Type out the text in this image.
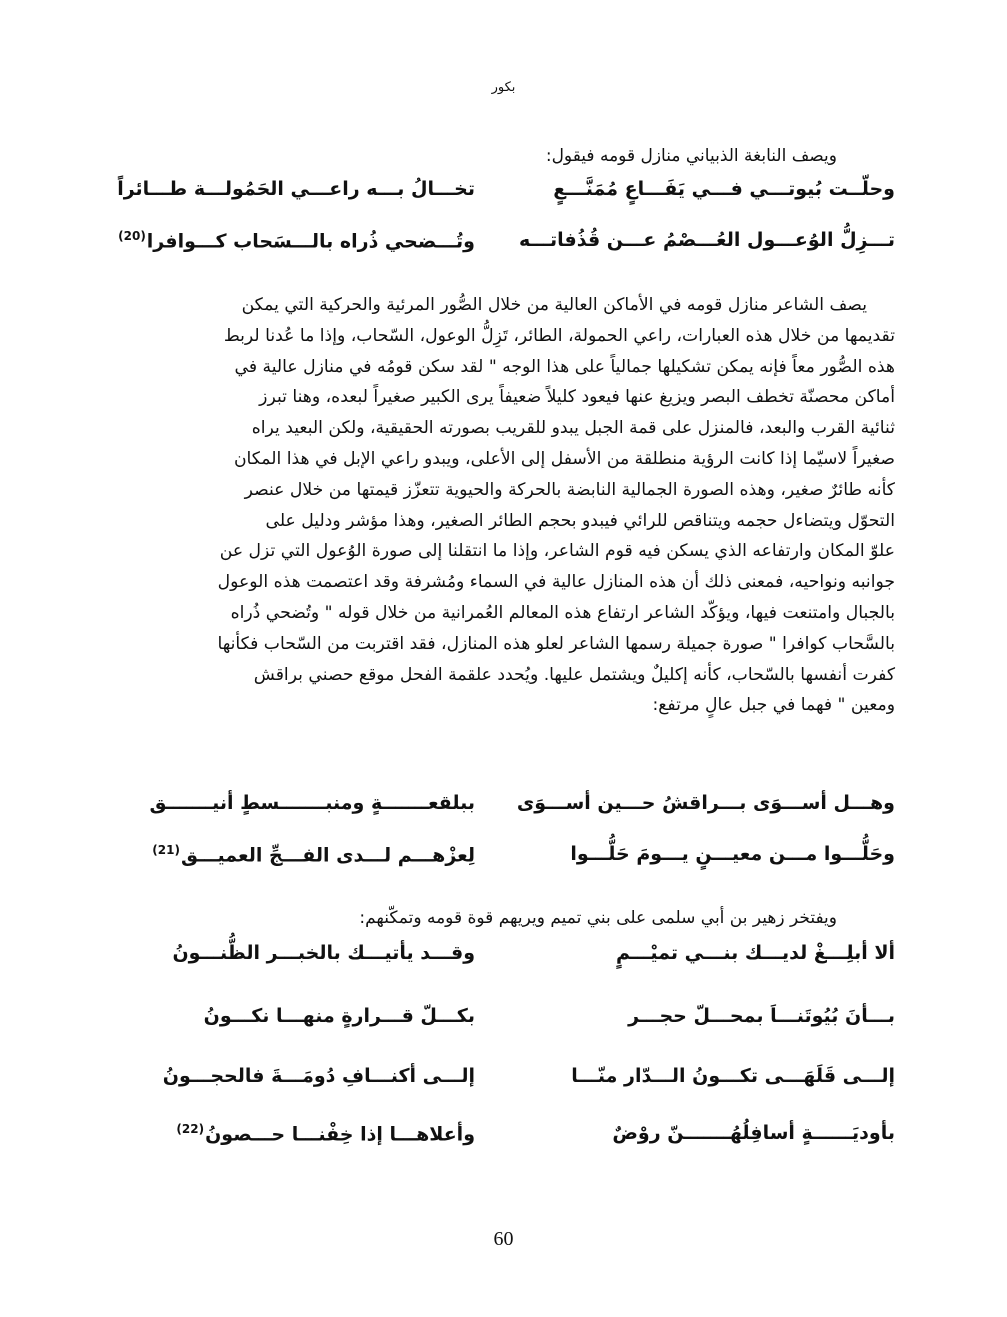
بكور
ويصف النابغة الذبياني منازل قومه فيقول:
وحلّــت بُيوتـــي فـــي يَفَـــاعٍ مُمَنَّـــعٍ
تخـــالُ بـــه راعـــي الحَمُولـــة طـــائراً
تـــزِلُّ الوُعـــول العُـــصْمُ عـــن قُذُفاتـــه
وتُـــضحي ذُراه بالـــسَحاب كـــوافرا$^{(20)}$
يصف الشاعر منازل قومه في الأماكن العالية من خلال الصُّور المرئية والحركية التي يمكن
تقديمها من خلال هذه العبارات، راعي الحمولة، الطائر، تَزِلُّ الوعول، السّحاب، وإذا ما عُدنا لربط
هذه الصُّور معاً فإنه يمكن تشكيلها جمالياً على هذا الوجه " لقد سكن قومُه في منازل عالية في
أماكن محصنّة تخطف البصر ويزيغ عنها فيعود كليلاً ضعيفاً يرى الكبير صغيراً لبعده، وهنا تبرز
ثنائية القرب والبعد، فالمنزل على قمة الجبل يبدو للقريب بصورته الحقيقية، ولكن البعيد يراه
صغيراً لاسيّما إذا كانت الرؤية منطلقة من الأسفل إلى الأعلى، ويبدو راعي الإبل في هذا المكان
كأنه طائرٌ صغير، وهذه الصورة الجمالية النابضة بالحركة والحيوية تتعزّز قيمتها من خلال عنصر
التحوّل ويتضاءل حجمه ويتناقص للرائي فيبدو بحجم الطائر الصغير، وهذا مؤشر ودليل على
علوّ المكان وارتفاعه الذي يسكن فيه قوم الشاعر، وإذا ما انتقلنا إلى صورة الوُعول التي تزل عن
جوانبه ونواحيه، فمعنى ذلك أن هذه المنازل عالية في السماء ومُشرفة وقد اعتصمت هذه الوعول
بالجبال وامتنعت فيها، ويؤكّد الشاعر ارتفاع هذه المعالم العُمرانية من خلال قوله " وتُضحي ذُراه
بالسَّحاب كوافرا " صورة جميلة رسمها الشاعر لعلو هذه المنازل، فقد اقتربت من السّحاب فكأنها
كفرت أنفسها بالسّحاب، كأنه إكليلٌ ويشتمل عليها. ويُحدد علقمة الفحل موقع حصني براقش
ومعين " فهما في جبل عالٍ مرتفع:
وهـــل أســـوَى بـــراقشُ حـــين أســـوَى
ببلقعـــــــةٍ ومنبـــــــسطٍ أنيـــــــق
وحَلُّـــوا مـــن معيـــنٍ يـــومَ حَلُّـــوا
لِعزْهـــم لـــدى الفـــجِّ العميـــق$^{(21)}$
ويفتخر زهير بن أبي سلمى على بني تميم ويريهم قوة قومه وتمكّنهم:
ألا أبلِـــغْ لديـــك بنـــي تميْـــمٍ
وقـــد يأتيـــك بالخبـــر الظُّنـــونُ
بـــأنَ بُيُوتَنـــاَ بمحـــلّ حجـــر
بكـــلّ قـــرارةٍ منهـــا نكـــونُ
إلـــى قَلَهَـــى تكـــونُ الـــدّار منّـــا
إلـــى أكنـــافِ دُومَـــةَ فالحجـــونُ
بأوديَــــــةٍ أسافِلُهُـــــــنّ روْضٌ
وأعلاهـــا إذا خِفْنـــا حـــصونُ$^{(22)}$
60
